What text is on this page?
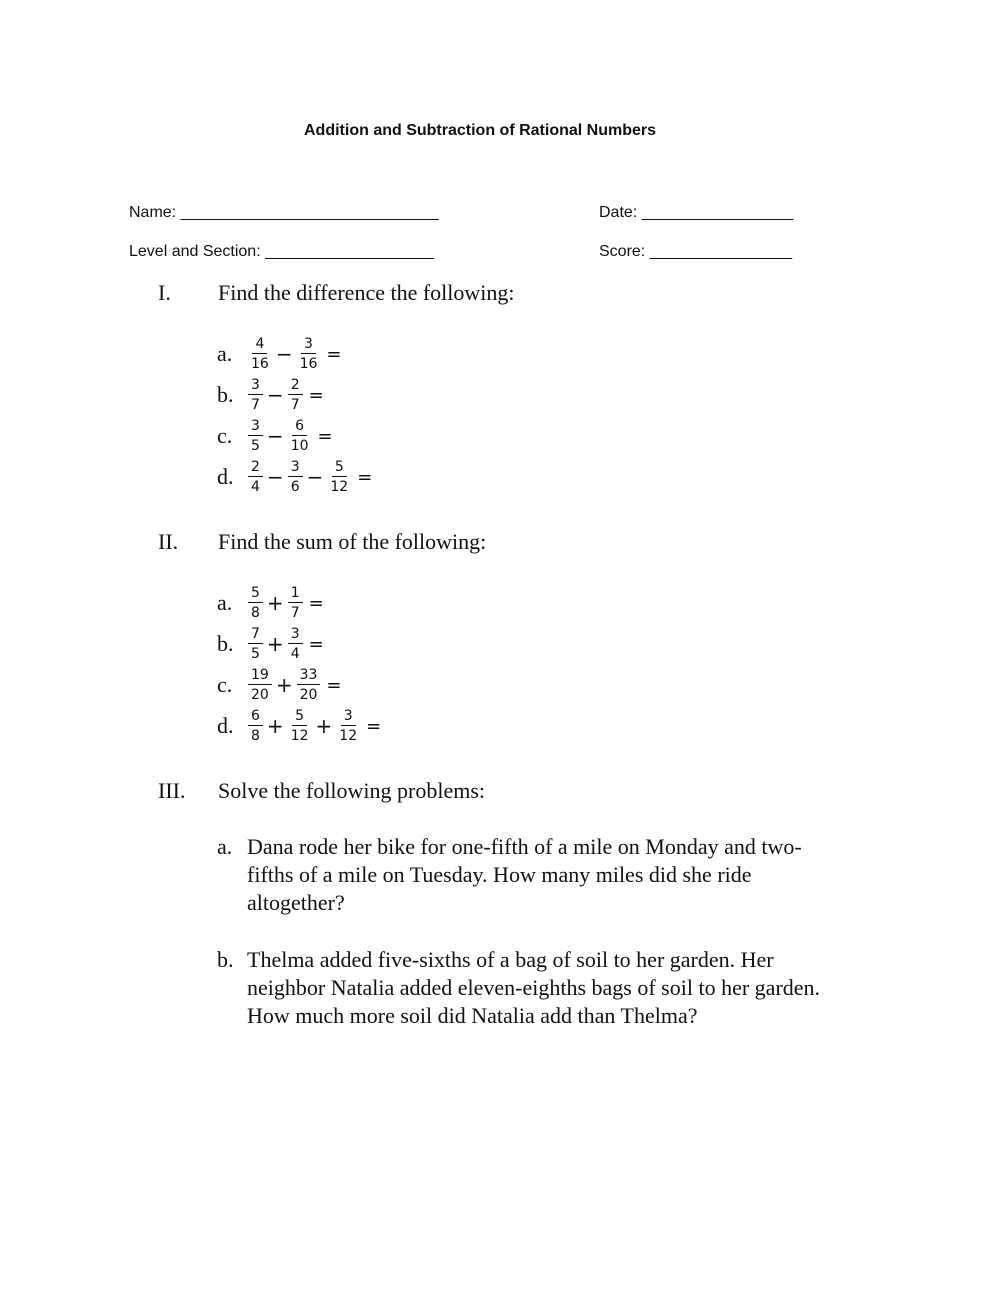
Addition and Subtraction of Rational Numbers
Name: _____________________________	Date: _________________
Level and Section: ___________________	Score: ________________
I. Find the difference the following:
a.	$\frac{4}{16} - \frac{3}{16}$ =
b.	$\frac{3}{7} - \frac{2}{7}$ =
c.	$\frac{3}{5} - \frac{6}{10}$ =
d.	$\frac{2}{4} - \frac{3}{6} - \frac{5}{12}$ =
II. Find the sum of the following:
a.	$\frac{5}{8} + \frac{1}{7}$ =
b.	$\frac{7}{5} + \frac{3}{4}$ =
c.	$\frac{19}{20} + \frac{33}{20}$ =
d.	$\frac{6}{8} + \frac{5}{12} + \frac{3}{12}$ =
III. Solve the following problems:
a. Dana rode her bike for one-fifth of a mile on Monday and two-fifths of a mile on Tuesday. How many miles did she ride altogether?
b. Thelma added five-sixths of a bag of soil to her garden. Her neighbor Natalia added eleven-eighths bags of soil to her garden. How much more soil did Natalia add than Thelma?
